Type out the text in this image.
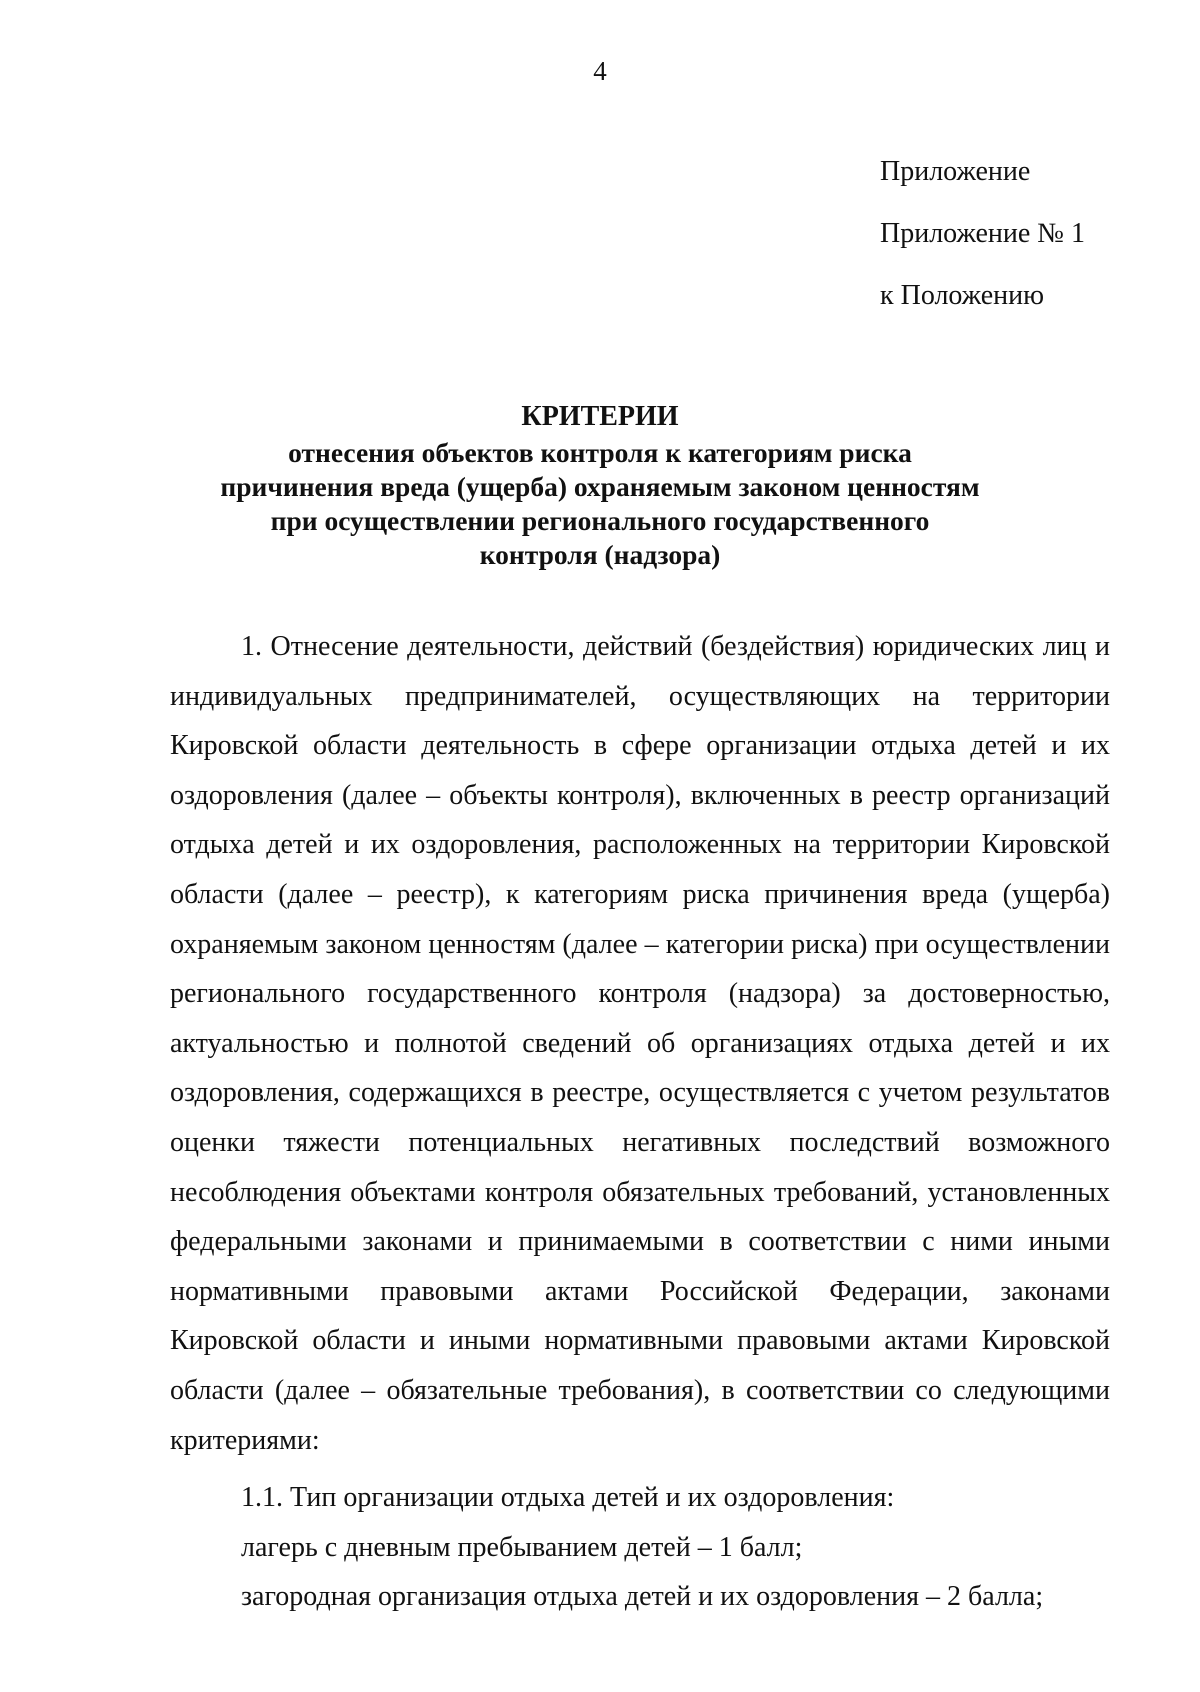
4
Приложение
Приложение № 1
к Положению
КРИТЕРИИ
отнесения объектов контроля к категориям риска
причинения вреда (ущерба) охраняемым законом ценностям
при осуществлении регионального государственного
контроля (надзора)

1. Отнесение деятельности, действий (бездействия) юридических лиц и индивидуальных предпринимателей, осуществляющих на территории Кировской области деятельность в сфере организации отдыха детей и их оздоровления (далее – объекты контроля), включенных в реестр организаций отдыха детей и их оздоровления, расположенных на территории Кировской области (далее – реестр), к категориям риска причинения вреда (ущерба) охраняемым законом ценностям (далее – категории риска) при осуществлении регионального государственного контроля (надзора) за достоверностью, актуальностью и полнотой сведений об организациях отдыха детей и их оздоровления, содержащихся в реестре, осуществляется с учетом результатов оценки тяжести потенциальных негативных последствий возможного несоблюдения объектами контроля обязательных требований, установленных федеральными законами и принимаемыми в соответствии с ними иными нормативными правовыми актами Российской Федерации, законами Кировской области и иными нормативными правовыми актами Кировской области (далее – обязательные требования), в соответствии со следующими критериями:

1.1. Тип организации отдыха детей и их оздоровления:

лагерь с дневным пребыванием детей – 1 балл;

загородная организация отдыха детей и их оздоровления – 2 балла;
